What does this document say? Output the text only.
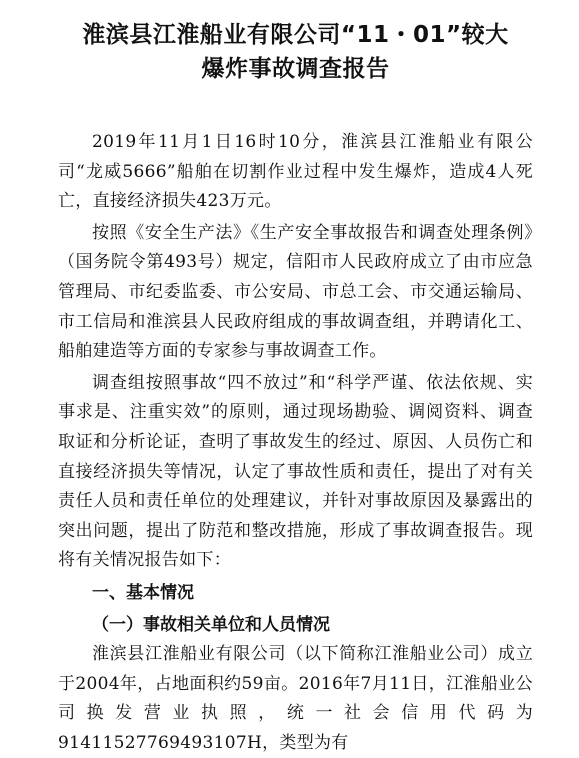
淮滨县江淮船业有限公司“11・01”较大
爆炸事故调查报告

2019年11月1日16时10分，淮滨县江淮船业有限公司“龙威5666”船舶在切割作业过程中发生爆炸，造成4人死亡，直接经济损失423万元。

按照《安全生产法》《生产安全事故报告和调查处理条例》（国务院令第493号）规定，信阳市人民政府成立了由市应急管理局、市纪委监委、市公安局、市总工会、市交通运输局、市工信局和淮滨县人民政府组成的事故调查组，并聘请化工、船舶建造等方面的专家参与事故调查工作。

调查组按照事故“四不放过”和“科学严谨、依法依规、实事求是、注重实效”的原则，通过现场勘验、调阅资料、调查取证和分析论证，查明了事故发生的经过、原因、人员伤亡和直接经济损失等情况，认定了事故性质和责任，提出了对有关责任人员和责任单位的处理建议，并针对事故原因及暴露出的突出问题，提出了防范和整改措施，形成了事故调查报告。现将有关情况报告如下：

一、基本情况
（一）事故相关单位和人员情况

淮滨县江淮船业有限公司（以下简称江淮船业公司）成立于2004年，占地面积约59亩。2016年7月11日，江淮船业公司换发营业执照，统一社会信用代码为91411527769493107H，类型为有
